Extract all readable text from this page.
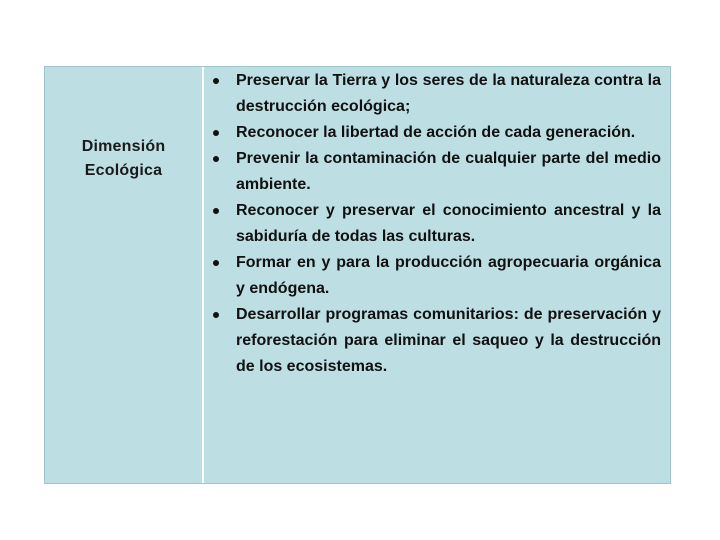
Dimensión
Ecológica
Preservar la Tierra y los seres de la naturaleza contra la destrucción ecológica;
Reconocer la libertad de acción de cada generación.
Prevenir la contaminación de cualquier parte del medio ambiente.
Reconocer y preservar el conocimiento ancestral y la sabiduría de todas las culturas.
Formar en y para la producción agropecuaria orgánica y endógena.
Desarrollar programas comunitarios: de preservación y reforestación para eliminar el saqueo y la destrucción de los ecosistemas.
